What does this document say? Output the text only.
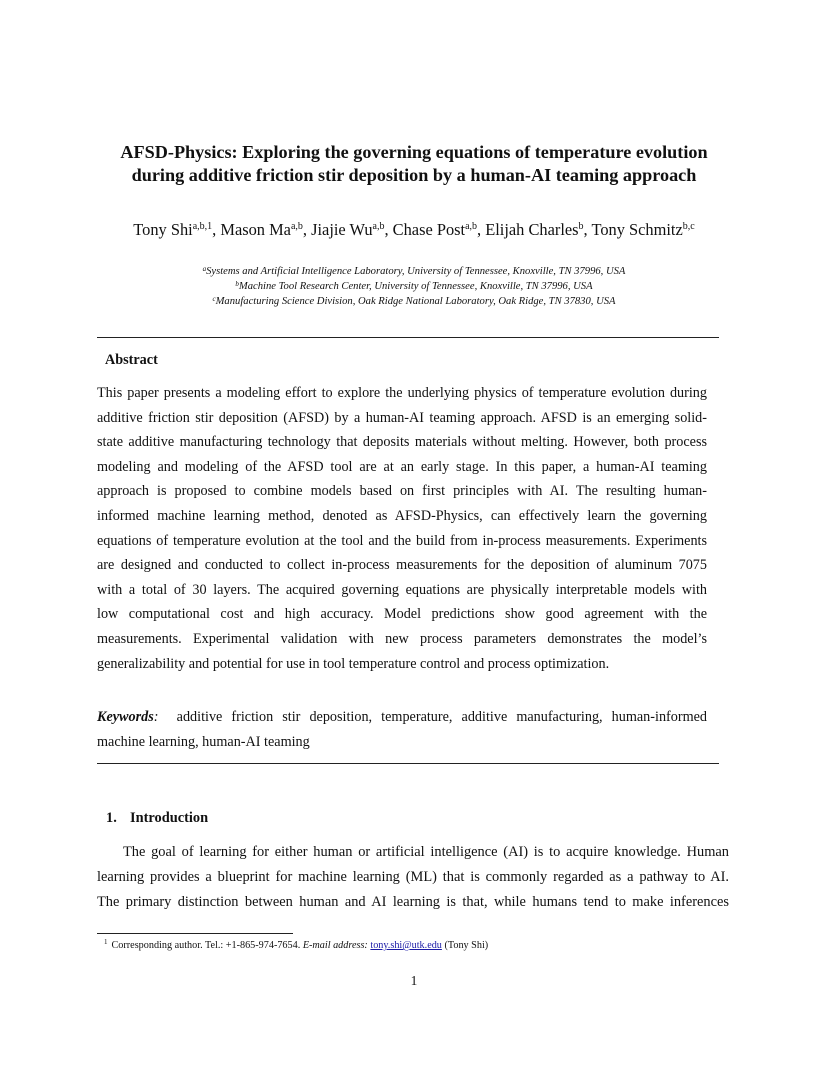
AFSD-Physics: Exploring the governing equations of temperature evolution
during additive friction stir deposition by a human-AI teaming approach
Tony Shi$^{a,b,1}$, Mason Ma$^{a,b}$, Jiajie Wu$^{a,b}$, Chase Post$^{a,b}$, Elijah Charles$^b$, Tony Schmitz$^{b,c}$
$^a$Systems and Artificial Intelligence Laboratory, University of Tennessee, Knoxville, TN 37996, USA
$^b$Machine Tool Research Center, University of Tennessee, Knoxville, TN 37996, USA
$^c$Manufacturing Science Division, Oak Ridge National Laboratory, Oak Ridge, TN 37830, USA
Abstract
This paper presents a modeling effort to explore the underlying physics of temperature evolution during
additive friction stir deposition (AFSD) by a human-AI teaming approach. AFSD is an emerging solid-
state additive manufacturing technology that deposits materials without melting. However, both process
modeling and modeling of the AFSD tool are at an early stage. In this paper, a human-AI teaming
approach is proposed to combine models based on first principles with AI. The resulting human-
informed machine learning method, denoted as AFSD-Physics, can effectively learn the governing
equations of temperature evolution at the tool and the build from in-process measurements. Experiments
are designed and conducted to collect in-process measurements for the deposition of aluminum 7075
with a total of 30 layers. The acquired governing equations are physically interpretable models with
low computational cost and high accuracy. Model predictions show good agreement with the
measurements. Experimental validation with new process parameters demonstrates the model’s
generalizability and potential for use in tool temperature control and process optimization.
Keywords: additive friction stir deposition, temperature, additive manufacturing, human-informed
machine learning, human-AI teaming
1. Introduction
The goal of learning for either human or artificial intelligence (AI) is to acquire knowledge. Human
learning provides a blueprint for machine learning (ML) that is commonly regarded as a pathway to AI.
The primary distinction between human and AI learning is that, while humans tend to make inferences
$^1$ Corresponding author. Tel.: +1-865-974-7654. E-mail address: tony.shi@utk.edu (Tony Shi)
1
